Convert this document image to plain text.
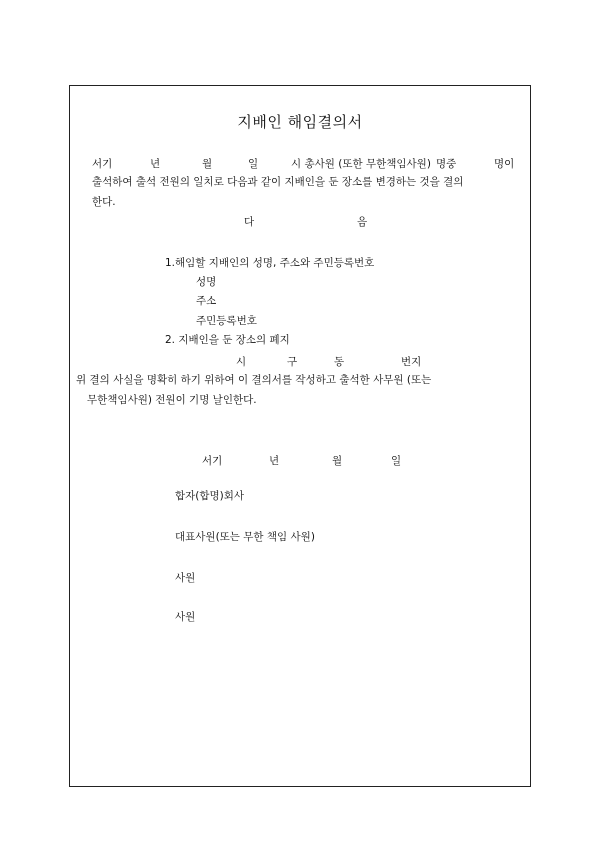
지배인 해임결의서
서기	년	월	일	시 총사원 (또한 무한책임사원) 명중	명이
출석하여 출석 전원의 일치로 다음과 같이 지배인을 둔 장소를 변경하는 것을 결의
한다.
다	음
1.해임할 지배인의 성명, 주소와 주민등록번호
성명
주소
주민등록번호
2. 지배인을 둔 장소의 폐지
시	구	동	번지
위 결의 사실을 명확히 하기 위하여 이 결의서를 작성하고 출석한 사무원 (또는
무한책임사원) 전원이 기명 날인한다.
서기	년	월	일
합자(합명)회사
대표사원(또는 무한 책임 사원)
사원
사원
